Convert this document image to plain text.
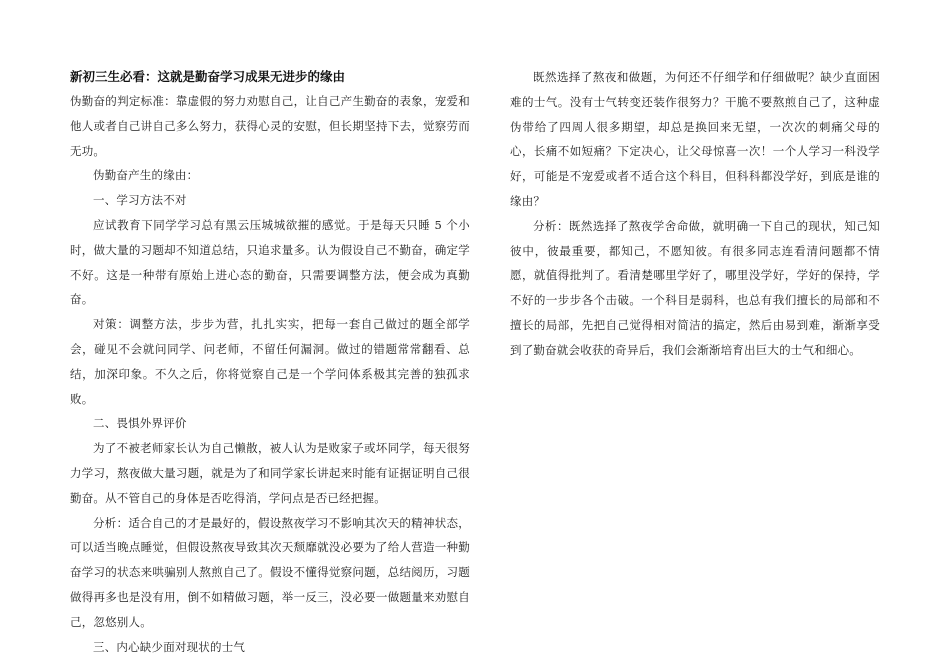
新初三生必看：这就是勤奋学习成果无进步的缘由

伪勤奋的判定标准：靠虚假的努力劝慰自己，让自己产生勤奋的表象，宠爱和他人或者自己讲自己多么努力，获得心灵的安慰，但长期坚持下去，觉察劳而无功。

伪勤奋产生的缘由：

一、学习方法不对

应试教育下同学学习总有黑云压城城欲摧的感觉。于是每天只睡 5 个小时，做大量的习题却不知道总结，只追求量多。认为假设自己不勤奋，确定学不好。这是一种带有原始上进心态的勤奋，只需要调整方法，便会成为真勤奋。

对策：调整方法，步步为营，扎扎实实，把每一套自己做过的题全部学会，碰见不会就问同学、问老师，不留任何漏洞。做过的错题常常翻看、总结，加深印象。不久之后，你将觉察自己是一个学问体系极其完善的独孤求败。

二、畏惧外界评价

为了不被老师家长认为自己懒散，被人认为是败家子或坏同学，每天很努力学习，熬夜做大量习题，就是为了和同学家长讲起来时能有证据证明自己很勤奋。从不管自己的身体是否吃得消，学问点是否已经把握。

分析：适合自己的才是最好的，假设熬夜学习不影响其次天的精神状态，可以适当晚点睡觉，但假设熬夜导致其次天颓靡就没必要为了给人营造一种勤奋学习的状态来哄骗别人熬煎自己了。假设不懂得觉察问题，总结阅历，习题做得再多也是没有用，倒不如精做习题，举一反三，没必要一做题量来劝慰自己，忽悠别人。

三、内心缺少面对现状的士气

既然选择了熬夜和做题，为何还不仔细学和仔细做呢？缺少直面困难的士气。没有士气转变还装作很努力？干脆不要熬煎自己了，这种虚伪带给了四周人很多期望，却总是换回来无望，一次次的刺痛父母的心，长痛不如短痛？下定决心，让父母惊喜一次！一个人学习一科没学好，可能是不宠爱或者不适合这个科目，但科科都没学好，到底是谁的缘由？

分析：既然选择了熬夜学舍命做，就明确一下自己的现状，知己知彼中，彼最重要，都知己，不愿知彼。有很多同志连看清问题都不情愿，就值得批判了。看清楚哪里学好了，哪里没学好，学好的保持，学不好的一步步各个击破。一个科目是弱科，也总有我们擅长的局部和不擅长的局部，先把自己觉得相对简洁的搞定，然后由易到难，渐渐享受到了勤奋就会收获的奇异后，我们会渐渐培育出巨大的士气和细心。
